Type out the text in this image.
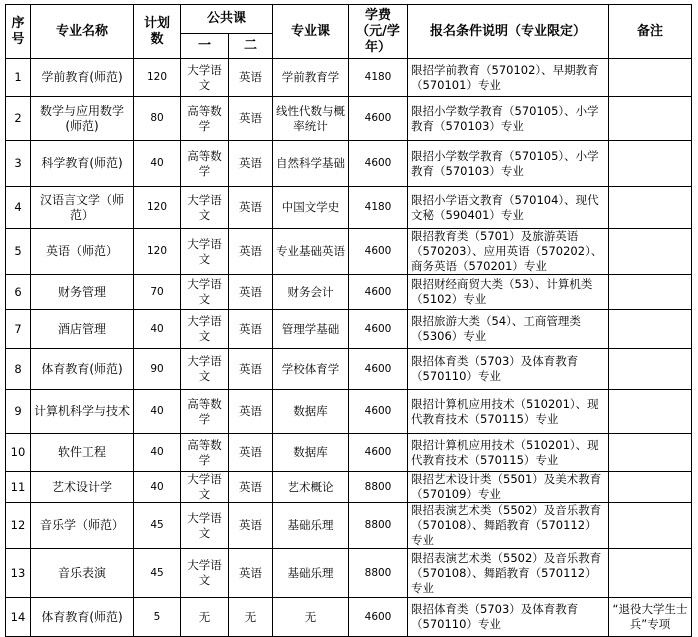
序号	专业名称	计划数	公共课		专业课	学费（元/学年）	报名条件说明（专业限定）	备注
			一	二				
1	学前教育(师范)	120	大学语文	英语	学前教育学	4180	限招学前教育（570102）、早期教育（570101）专业	
2	数学与应用数学(师范)	80	高等数学	英语	线性代数与概率统计	4600	限招小学数学教育（570105）、小学教育（570103）专业	
3	科学教育(师范)	40	高等数学	英语	自然科学基础	4600	限招小学数学教育（570105）、小学教育（570103）专业	
4	汉语言文学（师范）	120	大学语文	英语	中国文学史	4180	限招小学语文教育（570104）、现代文秘（590401）专业	
5	英语（师范）	120	大学语文	英语	专业基础英语	4600	限招教育类（5701）及旅游英语（570203）、应用英语（570202）、商务英语（570201）专业	
6	财务管理	70	大学语文	英语	财务会计	4600	限招财经商贸大类（53）、计算机类（5102）专业	
7	酒店管理	40	大学语文	英语	管理学基础	4600	限招旅游大类（54）、工商管理类（5306）专业	
8	体育教育(师范)	90	大学语文	英语	学校体育学	4600	限招体育类（5703）及体育教育（570110）专业	
9	计算机科学与技术	40	高等数学	英语	数据库	4600	限招计算机应用技术（510201）、现代教育技术（570115）专业	
10	软件工程	40	高等数学	英语	数据库	4600	限招计算机应用技术（510201）、现代教育技术（570115）专业	
11	艺术设计学	40	大学语文	英语	艺术概论	8800	限招艺术设计类（5501）及美术教育（570109）专业	
12	音乐学（师范）	45	大学语文	英语	基础乐理	8800	限招表演艺术类（5502）及音乐教育（570108）、舞蹈教育（570112）专业	
13	音乐表演	45	大学语文	英语	基础乐理	8800	限招表演艺术类（5502）及音乐教育（570108）、舞蹈教育（570112）专业	
14	体育教育(师范)	5	无	无	无	4600	限招体育类（5703）及体育教育（570110）专业	“退役大学生士兵”专项
